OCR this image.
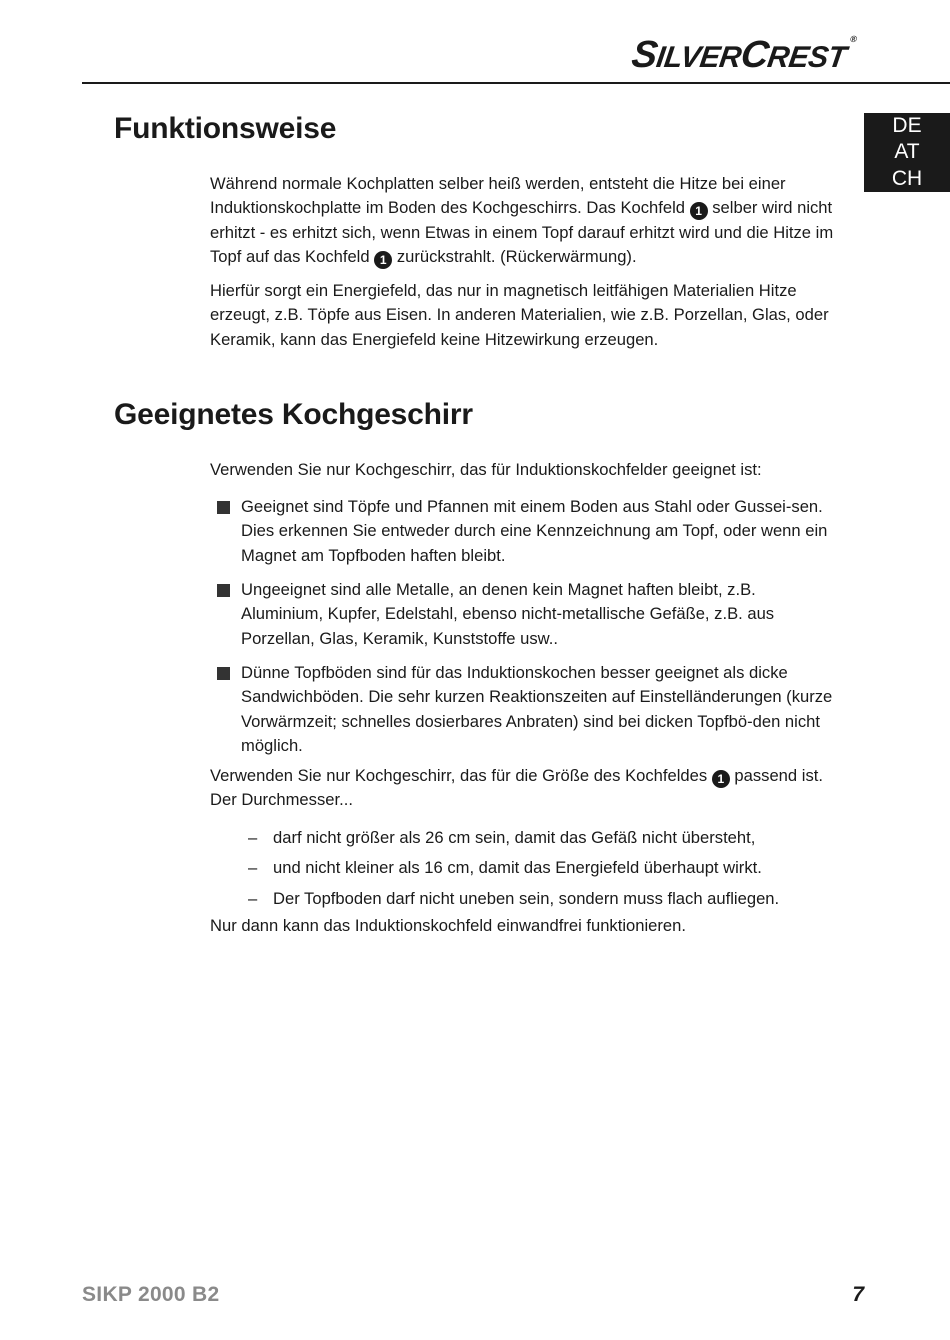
SILVERCREST®
DE
AT
CH
Funktionsweise

Während normale Kochplatten selber heiß werden, entsteht die Hitze bei einer Induktionskochplatte im Boden des Kochgeschirrs. Das Kochfeld 1 selber wird nicht erhitzt - es erhitzt sich, wenn Etwas in einem Topf darauf erhitzt wird und die Hitze im Topf auf das Kochfeld 1 zurückstrahlt. (Rückerwärmung).

Hierfür sorgt ein Energiefeld, das nur in magnetisch leitfähigen Materialien Hitze erzeugt, z.B. Töpfe aus Eisen. In anderen Materialien, wie z.B. Porzellan, Glas, oder Keramik, kann das Energiefeld keine Hitzewirkung erzeugen.

Geeignetes Kochgeschirr

Verwenden Sie nur Kochgeschirr, das für Induktionskochfelder geeignet ist:

Geeignet sind Töpfe und Pfannen mit einem Boden aus Stahl oder Gussei-sen. Dies erkennen Sie entweder durch eine Kennzeichnung am Topf, oder wenn ein Magnet am Topfboden haften bleibt.
Ungeeignet sind alle Metalle, an denen kein Magnet haften bleibt, z.B. Aluminium, Kupfer, Edelstahl, ebenso nicht-metallische Gefäße, z.B. aus Porzellan, Glas, Keramik, Kunststoffe usw..
Dünne Topfböden sind für das Induktionskochen besser geeignet als dicke Sandwichböden. Die sehr kurzen Reaktionszeiten auf Einstelländerungen (kurze Vorwärmzeit; schnelles dosierbares Anbraten) sind bei dicken Topfbö-den nicht möglich.

Verwenden Sie nur Kochgeschirr, das für die Größe des Kochfeldes 1 passend ist. Der Durchmesser...

– darf nicht größer als 26 cm sein, damit das Gefäß nicht übersteht,
– und nicht kleiner als 16 cm, damit das Energiefeld überhaupt wirkt.
– Der Topfboden darf nicht uneben sein, sondern muss flach aufliegen.

Nur dann kann das Induktionskochfeld einwandfrei funktionieren.

SIKP 2000 B2	7
